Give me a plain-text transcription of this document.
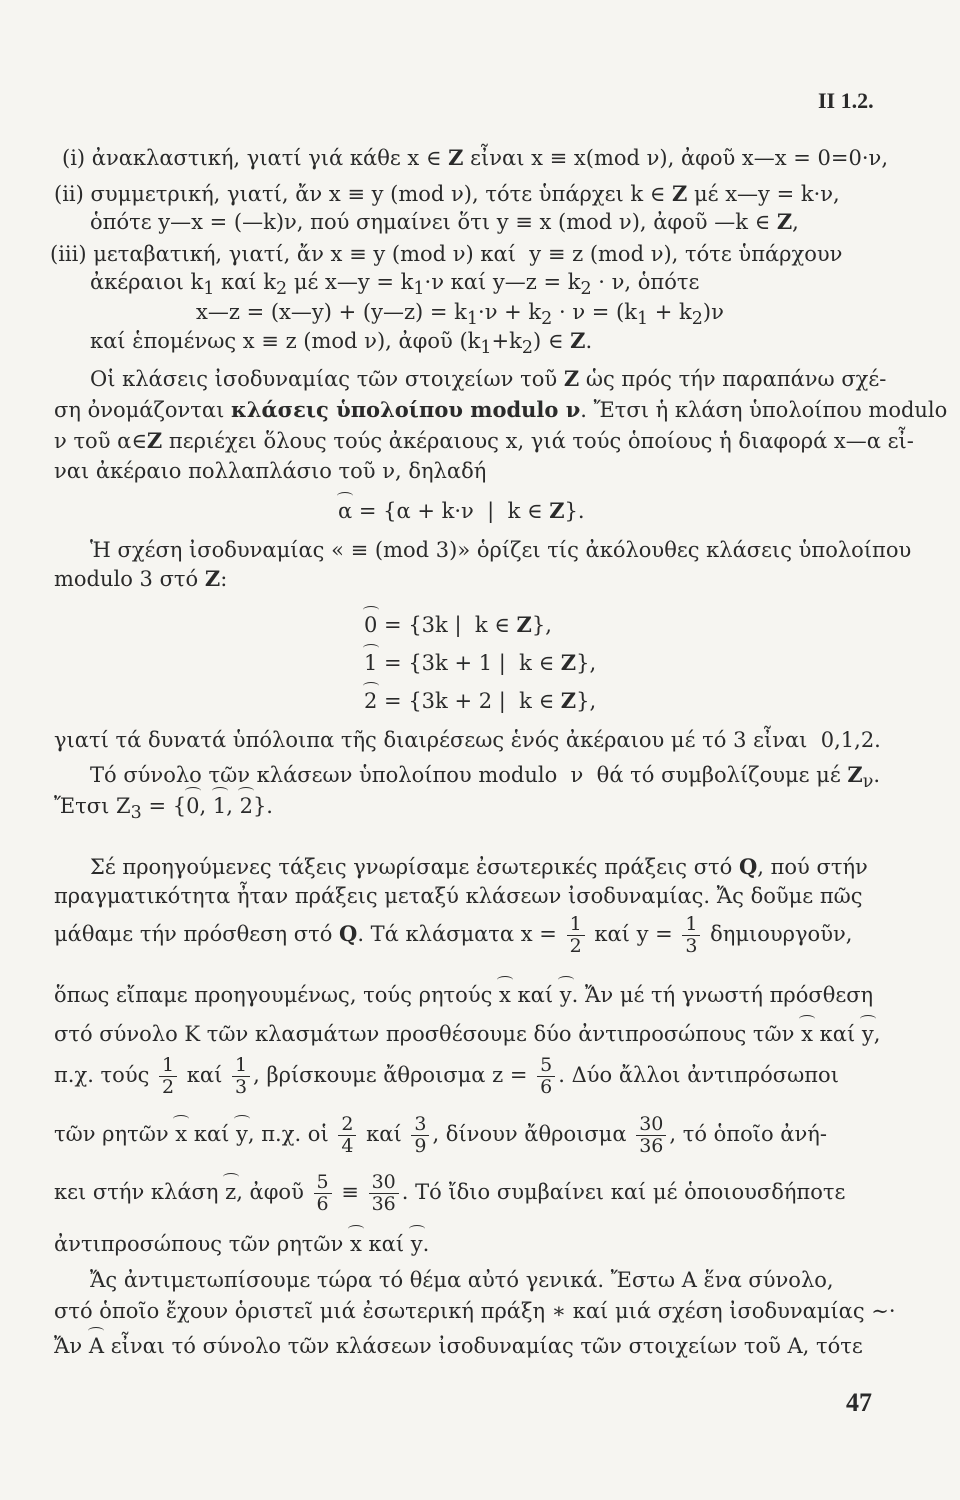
ΙΙ 1.2.
(i) ἀνακλαστική, γιατί γιά κάθε x ∈ Z εἶναι x ≡ x(mod ν), ἀφοῦ x—x = 0=0·ν,
(ii) συμμετρική, γιατί, ἄν x ≡ y (mod ν), τότε ὑπάρχει k ∈ Z μέ x—y = k·ν,
ὁπότε y—x = (—k)ν, πού σημαίνει ὅτι y ≡ x (mod ν), ἀφοῦ —k ∈ Z,
(iii) μεταβατική, γιατί, ἄν x ≡ y (mod ν) καί  y ≡ z (mod ν), τότε ὑπάρχουν
ἀκέραιοι $k_1$ καί $k_2$ μέ x—y = $k_1\cdot\nu$ καί y—z = $k_2 \cdot \nu$, ὁπότε
x—z = (x—y) + (y—z) = $k_1\cdot\nu + k_2 \cdot \nu = (k_1 + k_2)\nu$
καί ἑπομένως x ≡ z (mod ν), ἀφοῦ $(k_1+k_2)$ ∈ Z.
Οἱ κλάσεις ἰσοδυναμίας τῶν στοιχείων τοῦ Z ὡς πρός τήν παραπάνω σχέ-
ση ὀνομάζονται κλάσεις ὑπολοίπου modulo ν. Ἔτσι ἡ κλάση ὑπολοίπου modulo
ν τοῦ α∈Z περιέχει ὅλους τούς ἀκέραιους x, γιά τούς ὁποίους ἡ διαφορά x—α εἶ-
ναι ἀκέραιο πολλαπλάσιο τοῦ ν, δηλαδή
α = {α + k·ν  |  k ∈ Z}.
Ἡ σχέση ἰσοδυναμίας « ≡ (mod 3)» ὁρίζει τίς ἀκόλουθες κλάσεις ὑπολοίπου
modulo 3 στό Z:
0 = {3k |  k ∈ Z},
1 = {3k + 1 |  k ∈ Z},
2 = {3k + 2 |  k ∈ Z},
γιατί τά δυνατά ὑπόλοιπα τῆς διαιρέσεως ἑνός ἀκέραιου μέ τό 3 εἶναι  0,1,2.
Τό σύνολο τῶν κλάσεων ὑπολοίπου modulo  ν  θά τό συμβολίζουμε μέ $Z_\nu$.
Ἔτσι $Z_3 = \{0$, 1, 2}.
Σέ προηγούμενες τάξεις γνωρίσαμε ἐσωτερικές πράξεις στό Q, πού στήν
πραγματικότητα ἦταν πράξεις μεταξύ κλάσεων ἰσοδυναμίας. Ἄς δοῦμε πῶς
μάθαμε τήν πρόσθεση στό Q. Τά κλάσματα $x = \frac{1}{2}$ καί $y = \frac{1}{3}$ δημιουργοῦν,
ὅπως εἴπαμε προηγουμένως, τούς ρητούς x καί y. Ἄν μέ τή γνωστή πρόσθεση
στό σύνολο K τῶν κλασμάτων προσθέσουμε δύο ἀντιπροσώπους τῶν x καί y,
π.χ. τούς $\frac{1}{2}$ καί $\frac{1}{3}$ , βρίσκουμε ἄθροισμα $z = \frac{5}{6}$ . Δύο ἄλλοι ἀντιπρόσωποι
τῶν ρητῶν x καί y, π.χ. οἱ $\frac{2}{4}$ καί $\frac{3}{9}$ , δίνουν ἄθροισμα $\frac{30}{36}$ , τό ὁποῖο ἀνή-
κει στήν κλάση z, ἀφοῦ $\frac{5}{6} \equiv \frac{30}{36}$ . Τό ἴδιο συμβαίνει καί μέ ὁποιουσδήποτε
ἀντιπροσώπους τῶν ρητῶν x καί y.
Ἄς ἀντιμετωπίσουμε τώρα τό θέμα αὐτό γενικά. Ἔστω A ἕνα σύνολο,
στό ὁποῖο ἔχουν ὁριστεῖ μιά ἐσωτερική πράξη ∗ καί μιά σχέση ἰσοδυναμίας ∼·
Ἄν A εἶναι τό σύνολο τῶν κλάσεων ἰσοδυναμίας τῶν στοιχείων τοῦ A, τότε
47
